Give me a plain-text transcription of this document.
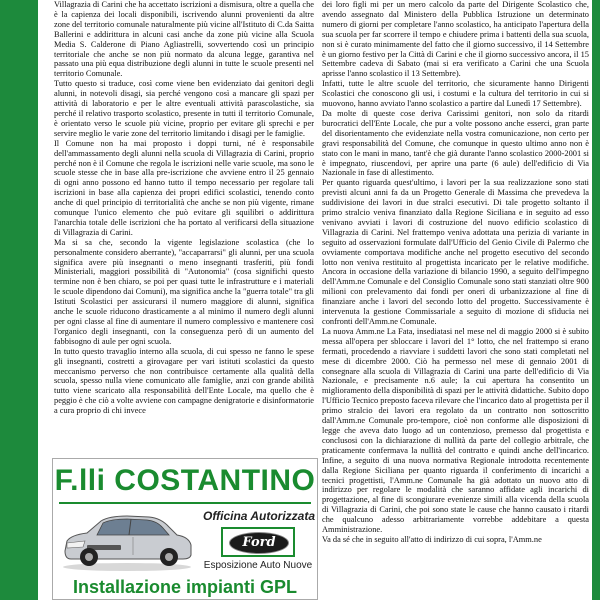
Villagrazia di Carini che ha accettato iscrizioni a dismisura, oltre a quella che è la capienza dei locali disponibili, iscrivendo alunni provenienti da altre zone del territorio comunale naturalmente più vicine all'Istituto di C.da Saitta Ballerini e addirittura in alcuni casi anche da zone più vicine alla Scuola Media S. Calderone di Piano Agliastrelli, sovvertendo così un principio territoriale che anche se non più normato da alcuna legge, garantiva nel passato una più equa distribuzione degli alunni in tutte le scuole presenti nel territorio Comunale.

Tutto questo si traduce, così come viene ben evidenziato dai genitori degli alunni, in notevoli disagi, sia perché vengono così a mancare gli spazi per attività di laboratorio e per le altre eventuali attività parascolastiche, sia perché il relativo trasporto scolastico, presente in tutti il territorio Comunale, è orientato verso le scuole più vicine, proprio per evitare gli sprechi e per servire meglio le varie zone del territorio limitando i disagi per le famiglie.

Il Comune non ha mai proposto i doppi turni, né è responsabile dell'ammassamento degli alunni nella scuola di Villagrazia di Carini, proprio perché non è il Comune che regola le iscrizioni nelle varie scuole, ma sono le scuole stesse che in base alla pre-iscrizione che avviene entro il 25 gennaio di ogni anno possono ed hanno tutto il tempo necessario per regolare tali iscrizioni in base alla capienza dei propri edifici scolastici, tenendo conto anche di quel principio di territorialità che anche se non più vigente, rimane comunque l'unico elemento che può evitare gli squilibri o addirittura l'anarchia totale delle iscrizioni che ha portato al verificarsi della situazione di Villagrazia di Carini.

Ma si sa che, secondo la vigente legislazione scolastica (che lo personalmente considero aberrante), "accaparrarsi" gli alunni, per una scuola significa avere più insegnanti o meno insegnanti trasferiti, più fondi Ministeriali, maggiori possibilità di "Autonomia" (cosa significhi questo termine non è ben chiaro, se poi per quasi tutte le infrastrutture e i materiali le scuole dipendono dai Comuni), ma significa anche la "guerra totale" tra gli Istituti Scolastici per assicurarsi il numero maggiore di alunni, significa anche le scuole riducono drasticamente a al minimo il numero degli alunni per ogni classe al fine di aumentare il numero complessivo e mantenere così l'organico degli insegnanti, con la conseguenza però di un aumento del fabbisogno di aule per ogni scuola.

In tutto questo travaglio interno alla scuola, di cui spesso ne fanno le spese gli insegnanti, costretti a girovagare per vari istituti scolastici da questo meccanismo perverso che non contribuisce certamente alla qualità della scuola, spesso nulla viene comunicato alle famiglie, anzi con grande abilità tutto viene scaricato alla responsabilità dell'Ente Locale, ma quello che è peggio è che ciò a volte avviene con campagne denigratorie e disinformatorie a cura proprio di chi invece

dei loro figli mi per un mero calcolo da parte del Dirigente Scolastico che, avendo assegnato dal Ministero della Pubblica Istruzione un determinato numero di giorni per completare l'anno scolastico, ha anticipato l'apertura della sua scuola per far scorrere il tempo e chiudere prima i battenti della sua scuola, non si è curato minimamente del fatto che il giorno successivo, il 14 Settembre è un giorno festivo per la Città di Carini e che il giorno successivo ancora, il 15 Settembre cadeva di Sabato (mai si era verificato a Carini che una Scuola aprisse l'anno scolastico il 13 Settembre).

Infatti, tutte le altre scuole del territorio, che sicuramente hanno Dirigenti Scolastici che conoscono gli usi, i costumi e la cultura del territorio in cui si muovono, hanno avviato l'anno scolastico a partire dal Lunedì 17 Settembre).

Da molte di queste cose deriva Carissimi genitori, non solo da ritardi burocratici dell'Ente Locale, che pur a volte possono anche esserci, gran parte del disorientamento che evidenziate nella vostra comunicazione, non certo per gravi responsabilità del Comune, che comunque in questo ultimo anno non è stato con le mani in mano, tant'è che già durante l'anno scolastico 2000-2001 si è impegnato, riuscendovi, per aprire una parte (6 aule) dell'edificio di Via Nazionale in fase di allestimento.

Per quanto riguarda quest'ultimo, i lavori per la sua realizzazione sono stati previsti alcuni anni fa da un Progetto Generale di Massima che prevedeva la suddivisione dei lavori in due stralci esecutivi. Di tale progetto soltanto il primo stralcio veniva finanziato dalla Regione Siciliana e in seguito ad esso venivano avviati i lavori di costruzione del nuovo edificio scolastico di Villagrazia di Carini. Nel frattempo veniva adottata una perizia di variante in seguito ad osservazioni formulate dall'Ufficio del Genio Civile di Palermo che ovviamente comportava modifiche anche nel progetto esecutivo del secondo lotto non veniva restituito al progettista incaricato per le relative modifiche. Ancora in occasione della variazione di bilancio 1990, a seguito dell'impegno dell'Amm.ne Comunale e del Consiglio Comunale sono stati stanziati oltre 900 milioni con prelevamento dai fondi per oneri di urbanizzazione al fine di finanziare anche i lavori del secondo lotto del progetto. Successivamente è intervenuta la gestione Commissariale a seguito di mozione di sfiducia nei confronti dell'Amm.ne Comunale.

La nuova Amm.ne La Fata, insediatasi nel mese nel di maggio 2000 si è subito messa all'opera per sbloccare i lavori del 1° lotto, che nel frattempo si erano fermati, procedendo a riavviare i suddetti lavori che sono stati completati nel mese di dicembre 2000. Ciò ha permesso nel mese di gennaio 2001 di consegnare alla scuola di Villagrazia di Carini una parte dell'edificio di Via Nazionale, e precisamente n.6 aule; la cui apertura ha consentito un miglioramento della disponibilità di spazi per le attività didattiche. Subito dopo l'Ufficio Tecnico preposto faceva rilevare che l'incarico dato al progettista per il primo stralcio dei lavori era regolato da un contratto non sottoscritto dall'Amm.ne Comunale pro-tempore, cioè non conforme alle disposizioni di legge che aveva dato luogo ad un contenzioso, premesso dal progettista e conclusosi con la dichiarazione di nullità da parte del collegio arbitrale, che praticamente confermava la nullità del contratto e quindi anche dell'incarico. Infine, a seguito di una nuova normativa Regionale introdotta recentemente dalla Regione Siciliana per quanto riguarda il conferimento di incarichi a tecnici progettisti, l'Amm.ne Comunale ha già adottato un nuovo atto di indirizzo per regolare le modalità che saranno affidate agli incarichi di progettazione, al fine di scongiurare evenienze simili alla vicenda della scuola di Villagrazia di Carini, che poi sono state le cause che hanno causato i ritardi che qualcuno adesso arbitrariamente vorrebbe addebitare a questa Amministrazione.

Va da sé che in seguito all'atto di indirizzo di cui sopra, l'Amm.ne

F.lli COSTANTINO
Officina Autorizzata
Ford
Esposizione Auto Nuove
Installazione impianti GPL
